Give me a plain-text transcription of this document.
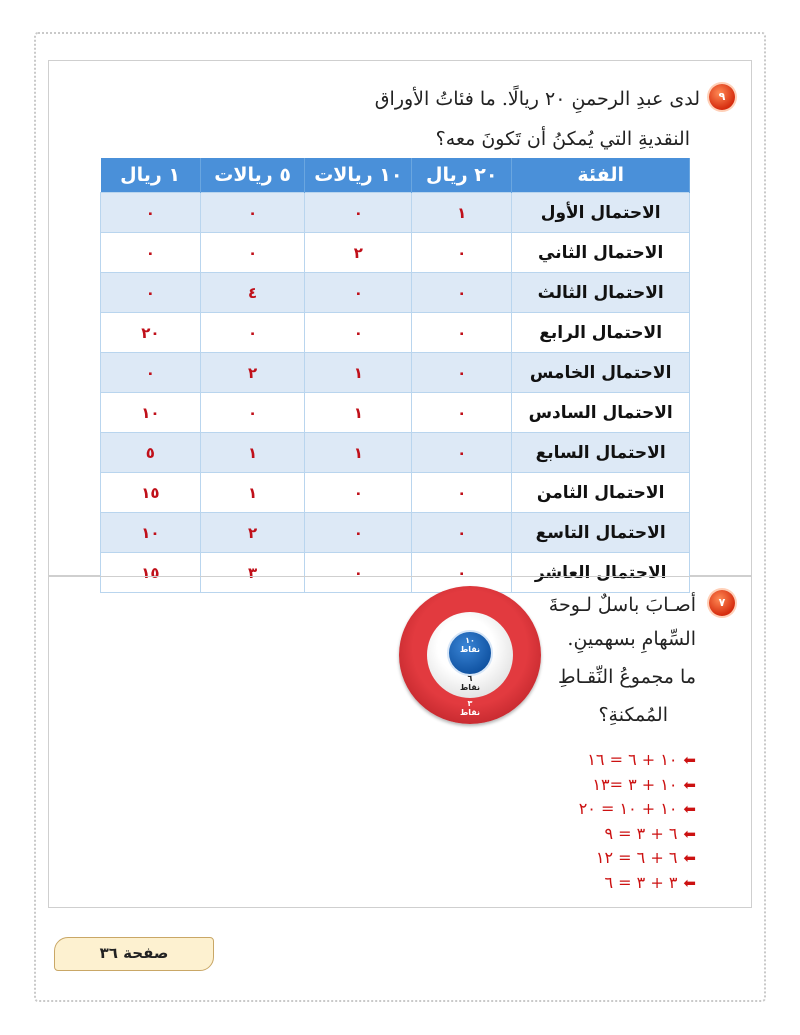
٩
لدى عبدِ الرحمنِ ٢٠ ريالًا. ما فئاتُ الأوراق
النقديةِ التي يُمكنُ أن تَكونَ معه؟
الفئة	٢٠ ريال	١٠ ريالات	٥ ريالات	١ ريال
الاحتمال الأول	١	٠	٠	٠
الاحتمال الثاني	٠	٢	٠	٠
الاحتمال الثالث	٠	٠	٤	٠
الاحتمال الرابع	٠	٠	٠	٢٠
الاحتمال الخامس	٠	١	٢	٠
الاحتمال السادس	٠	١	٠	١٠
الاحتمال السابع	٠	١	١	٥
الاحتمال الثامن	٠	٠	١	١٥
الاحتمال التاسع	٠	٠	٢	١٠
الاحتمال العاشر	٠	٠	٣	١٥
٧
أصـابَ باسلٌ لـوحةَ
السِّهامِ بسهمينِ.
ما مجموعُ النِّقـاطِ
المُمكنةِ؟
١٠
نقاط
٦
نقاط
٣
نقاط
⬅١٠ + ٦ = ١٦
⬅١٠ + ٣ =١٣
⬅١٠ + ١٠ = ٢٠
⬅٦ + ٣ = ٩
⬅٦ + ٦ = ١٢
⬅٣ + ٣ = ٦
صفحة ٣٦
